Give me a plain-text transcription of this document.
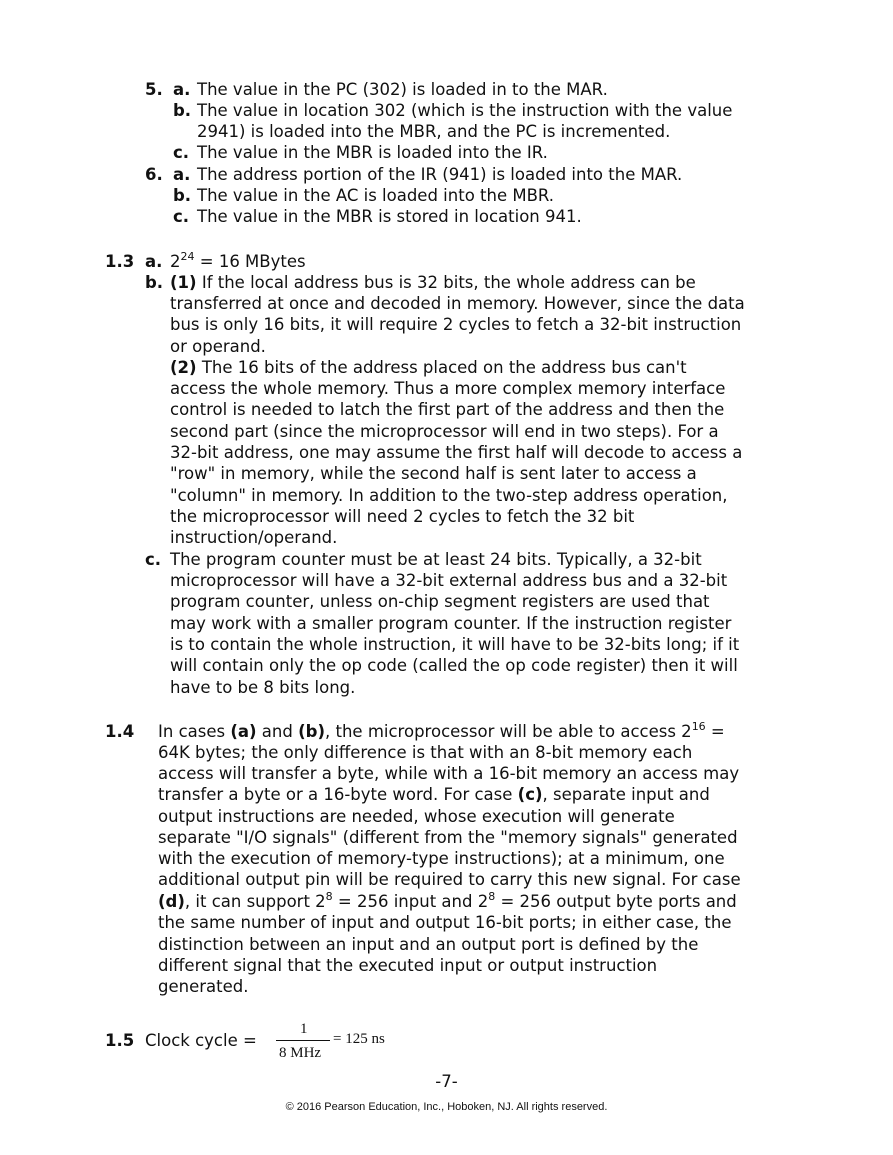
5. a. The value in the PC (302) is loaded in to the MAR.
b. The value in location 302 (which is the instruction with the value
2941) is loaded into the MBR, and the PC is incremented.
c. The value in the MBR is loaded into the IR.
6. a. The address portion of the IR (941) is loaded into the MAR.
b. The value in the AC is loaded into the MBR.
c. The value in the MBR is stored in location 941.
1.3 a. $2^{24} = 16$ MBytes
b. (1) If the local address bus is 32 bits, the whole address can be
transferred at once and decoded in memory. However, since the data
bus is only 16 bits, it will require 2 cycles to fetch a 32-bit instruction
or operand.
(2) The 16 bits of the address placed on the address bus can't
access the whole memory. Thus a more complex memory interface
control is needed to latch the first part of the address and then the
second part (since the microprocessor will end in two steps). For a
32-bit address, one may assume the first half will decode to access a
"row" in memory, while the second half is sent later to access a
"column" in memory. In addition to the two-step address operation,
the microprocessor will need 2 cycles to fetch the 32 bit
instruction/operand.
c. The program counter must be at least 24 bits. Typically, a 32-bit
microprocessor will have a 32-bit external address bus and a 32-bit
program counter, unless on-chip segment registers are used that
may work with a smaller program counter. If the instruction register
is to contain the whole instruction, it will have to be 32-bits long; if it
will contain only the op code (called the op code register) then it will
have to be 8 bits long.
1.4 In cases (a) and (b), the microprocessor will be able to access $2^{16}$ =
64K bytes; the only difference is that with an 8-bit memory each
access will transfer a byte, while with a 16-bit memory an access may
transfer a byte or a 16-byte word. For case (c), separate input and
output instructions are needed, whose execution will generate
separate "I/O signals" (different from the "memory signals" generated
with the execution of memory-type instructions); at a minimum, one
additional output pin will be required to carry this new signal. For case
(d), it can support $2^8 = 256$ input and $2^8 = 256$ output byte ports and
the same number of input and output 16-bit ports; in either case, the
distinction between an input and an output port is defined by the
different signal that the executed input or output instruction
generated.
1.5 Clock cycle =
1
8 MHz
= 125 ns
-7-
© 2016 Pearson Education, Inc., Hoboken, NJ. All rights reserved.
